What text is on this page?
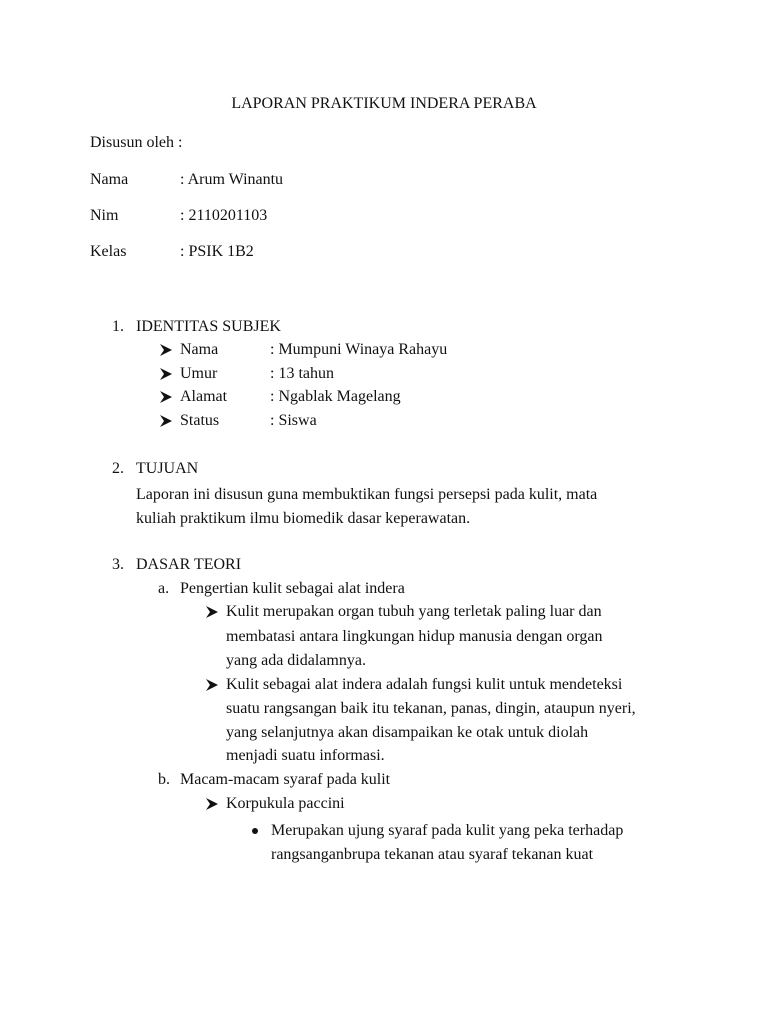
LAPORAN PRAKTIKUM INDERA PERABA
Disusun oleh :
Nama	: Arum Winantu
Nim	: 2110201103
Kelas	: PSIK 1B2
1. IDENTITAS SUBJEK
Nama	: Mumpuni Winaya Rahayu
Umur	: 13 tahun
Alamat	: Ngablak Magelang
Status	: Siswa
2. TUJUAN
Laporan ini disusun guna membuktikan fungsi persepsi pada kulit, mata
kuliah praktikum ilmu biomedik dasar keperawatan.
3. DASAR TEORI
a. Pengertian kulit sebagai alat indera
Kulit merupakan organ tubuh yang terletak paling luar dan
membatasi antara lingkungan hidup manusia dengan organ
yang ada didalamnya.
Kulit sebagai alat indera adalah fungsi kulit untuk mendeteksi
suatu rangsangan baik itu tekanan, panas, dingin, ataupun nyeri,
yang selanjutnya akan disampaikan ke otak untuk diolah
menjadi suatu informasi.
b. Macam-macam syaraf pada kulit
Korpukula paccini
Merupakan ujung syaraf pada kulit yang peka terhadap
rangsanganbrupa tekanan atau syaraf tekanan kuat
